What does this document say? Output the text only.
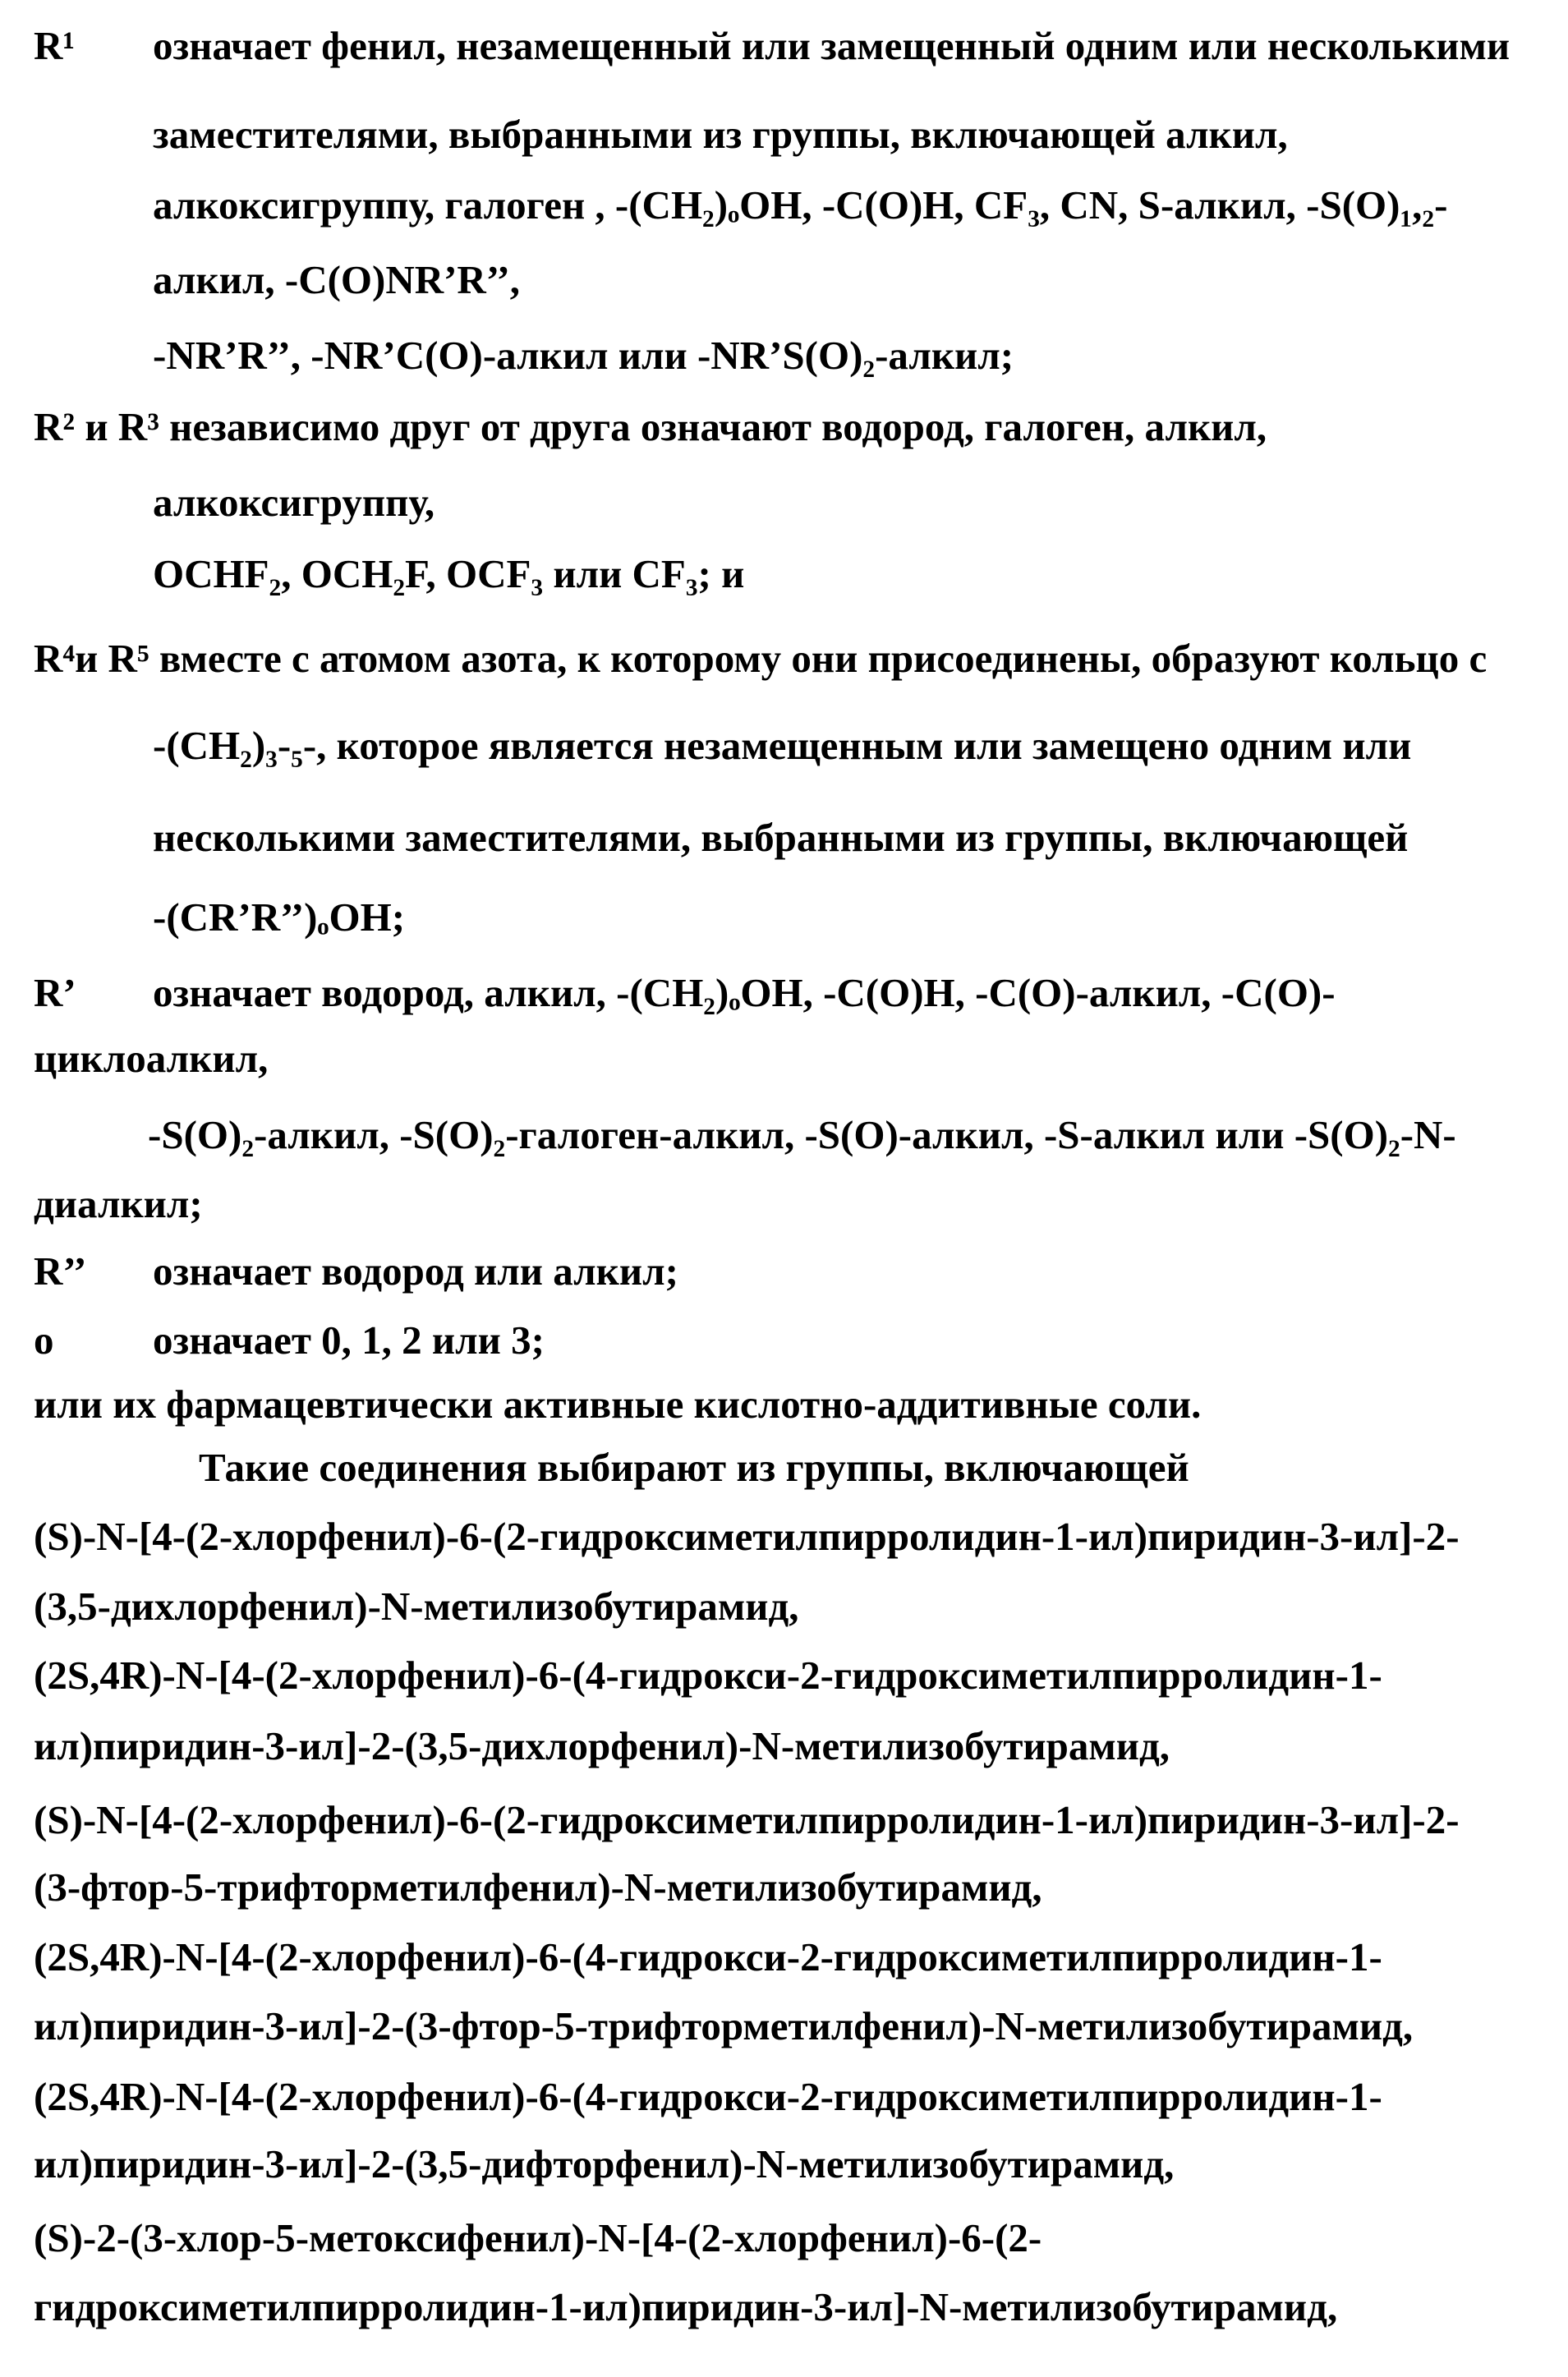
R¹ означает фенил, незамещенный или замещенный одним или несколькими
заместителями, выбранными из группы, включающей алкил,
алкоксигруппу, галоген , -(CH₂)ₒOH, -C(O)H, CF₃, CN, S-алкил, -S(O)₁,₂-
алкил, -C(O)NR’R’’,
-NR’R’’, -NR’C(O)-алкил или -NR’S(O)₂-алкил;
R² и R³ независимо друг от друга означают водород, галоген, алкил,
алкоксигруппу,
OCHF₂, OCH₂F, OCF₃ или CF₃; и
R⁴и R⁵ вместе с атомом азота, к которому они присоединены, образуют кольцо с
-(CH₂)₃-₅-, которое является незамещенным или замещено одним или
несколькими заместителями, выбранными из группы, включающей
-(CR’R’’)ₒOH;
R’ означает водород, алкил, -(CH₂)ₒOH, -C(O)H, -C(O)-алкил, -C(O)-
циклоалкил,
-S(O)₂-алкил, -S(O)₂-галоген-алкил, -S(O)-алкил, -S-алкил или -S(O)₂-N-
диалкил;
R’’ означает водород или алкил;
o означает 0, 1, 2 или 3;
или их фармацевтически активные кислотно-аддитивные соли.
Такие соединения выбирают из группы, включающей
(S)-N-[4-(2-хлорфенил)-6-(2-гидроксиметилпирролидин-1-ил)пиридин-3-ил]-2-
(3,5-дихлорфенил)-N-метилизобутирамид,
(2S,4R)-N-[4-(2-хлорфенил)-6-(4-гидрокси-2-гидроксиметилпирролидин-1-
ил)пиридин-3-ил]-2-(3,5-дихлорфенил)-N-метилизобутирамид,
(S)-N-[4-(2-хлорфенил)-6-(2-гидроксиметилпирролидин-1-ил)пиридин-3-ил]-2-
(3-фтор-5-трифторметилфенил)-N-метилизобутирамид,
(2S,4R)-N-[4-(2-хлорфенил)-6-(4-гидрокси-2-гидроксиметилпирролидин-1-
ил)пиридин-3-ил]-2-(3-фтор-5-трифторметилфенил)-N-метилизобутирамид,
(2S,4R)-N-[4-(2-хлорфенил)-6-(4-гидрокси-2-гидроксиметилпирролидин-1-
ил)пиридин-3-ил]-2-(3,5-дифторфенил)-N-метилизобутирамид,
(S)-2-(3-хлор-5-метоксифенил)-N-[4-(2-хлорфенил)-6-(2-
гидроксиметилпирролидин-1-ил)пиридин-3-ил]-N-метилизобутирамид,
